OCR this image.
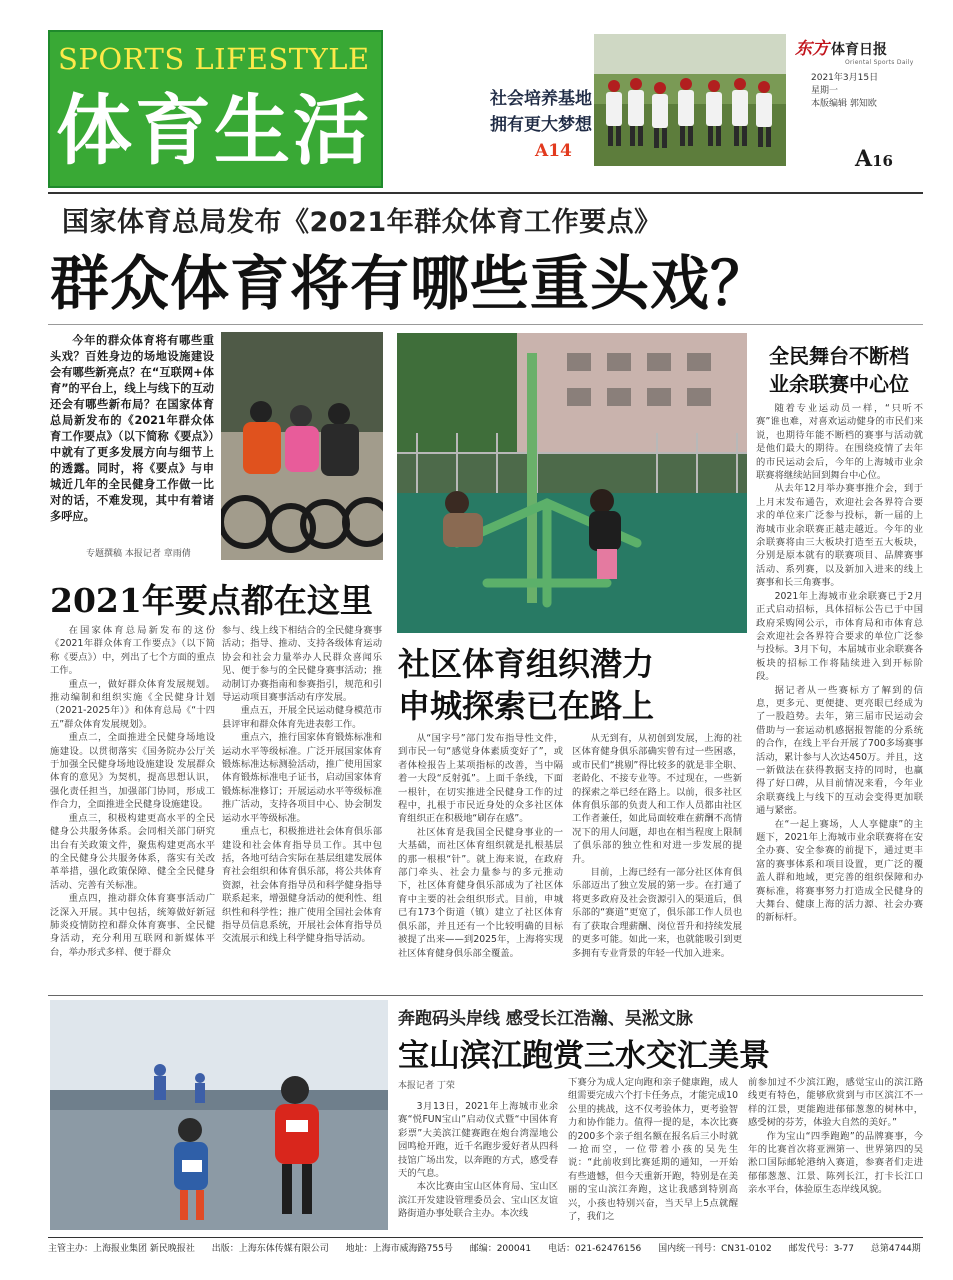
SPORTS LIFESTYLE
体育生活	社会培养基地
拥有更大梦想
A14
东方 体育日报
Oriental Sports Daily
2021年3月15日
星期一
本版编辑 郭知欧
A16
国家体育总局发布《2021年群众体育工作要点》
群众体育将有哪些重头戏？
今年的群众体育将有哪些重头戏？百姓身边的场地设施建设会有哪些新亮点？在“互联网+体育”的平台上，线上与线下的互动还会有哪些新布局？在国家体育总局新发布的《2021年群众体育工作要点》（以下简称《要点》）中就有了更多发展方向与细节上的透露。同时，将《要点》与申城近几年的全民健身工作做一比对的话，不难发现，其中有着诸多呼应。
专题撰稿 本报记者 章雨倩
2021年要点都在这里

在国家体育总局新发布的这份《2021年群众体育工作要点》（以下简称《要点》）中，列出了七个方面的重点工作。

重点一，做好群众体育发展规划。推动编制和组织实施《全民健身计划（2021-2025年）》和体育总局《“十四五”群众体育发展规划》。

重点二，全面推进全民健身场地设施建设。以贯彻落实《国务院办公厅关于加强全民健身场地设施建设 发展群众体育的意见》为契机，提高思想认识，强化责任担当，加强部门协同，形成工作合力，全面推进全民健身设施建设。

重点三，积极构建更高水平的全民健身公共服务体系。会同相关部门研究出台有关政策文件，聚焦构建更高水平的全民健身公共服务体系，落实有关改革举措，强化政策保障、健全全民健身活动、完善有关标准。

重点四，推动群众体育赛事活动广泛深入开展。其中包括，统筹做好新冠肺炎疫情防控和群众体育赛事、全民健身活动，充分利用互联网和新媒体平台，举办形式多样、便于群众

参与、线上线下相结合的全民健身赛事活动；指导、推动、支持各级体育运动协会和社会力量举办人民群众喜闻乐见、便于参与的全民健身赛事活动；推动制订办赛指南和参赛指引，规范和引导运动项目赛事活动有序发展。

重点五，开展全民运动健身模范市县评审和群众体育先进表彰工作。

重点六，推行国家体育锻炼标准和运动水平等级标准。广泛开展国家体育锻炼标准达标测验活动，推广使用国家体育锻炼标准电子证书，启动国家体育锻炼标准修订；开展运动水平等级标准推广活动，支持各项目中心、协会制发运动水平等级标准。

重点七，积极推进社会体育俱乐部建设和社会体育指导员工作。其中包括，各地可结合实际在基层组建发展体育社会组织和体育俱乐部，将公共体育资源，社会体育指导员和科学健身指导联系起来，增强健身活动的便利性、组织性和科学性；推广使用全国社会体育指导员信息系统，开展社会体育指导员交流展示和线上科学健身指导活动。

社区体育组织潜力
申城探索已在路上

从“国字号”部门发布指导性文件，到市民一句“感觉身体素质变好了”，或者体检报告上某项指标的改善，当中隔着一大段“反射弧”。上面千条线，下面一根针，在切实推进全民健身工作的过程中，扎根于市民近身处的众多社区体育组织正在积极地“刷存在感”。

社区体育是我国全民健身事业的一大基础，而社区体育组织就是扎根基层的那一根根“针”。就上海来说，在政府部门牵头、社会力量参与的多元推动下，社区体育健身俱乐部成为了社区体育中主要的社会组织形式。目前，申城已有173个街道（镇）建立了社区体育俱乐部，并且还有一个比较明确的目标被提了出来——到2025年，上海将实现社区体育健身俱乐部全覆盖。

从无到有，从初创到发展，上海的社区体育健身俱乐部确实曾有过一些困惑，或市民们“挑剔”得比较多的就是非全职、老龄化、不接专业等。不过现在，一些新的探索之举已经在路上。以前，很多社区体育俱乐部的负责人和工作人员都由社区工作者兼任，如此局面较难在薪酬不高情况下的用人问题，却也在相当程度上限制了俱乐部的独立性和对进一步发展的提升。

目前，上海已经有一部分社区体育俱乐部迈出了独立发展的第一步。在打通了将更多政府及社会资源引入的渠道后，俱乐部的“赛道”更宽了，俱乐部工作人员也有了获取合理薪酬、岗位晋升和持续发展的更多可能。如此一来，也就能吸引到更多拥有专业背景的年轻一代加入进来。

全民舞台不断档
业余联赛中心位

随着专业运动员一样，“只听不赛”谁也难，对喜欢运动健身的市民们来说，也期待年能不断档的赛事与活动就是他们最大的期待。在围绕疫情了去年的市民运动会后，今年的上海城市业余联赛将继续站回到舞台中心位。

从去年12月举办赛事推介会，到于上月末发布通告，欢迎社会各界符合要求的单位来广泛参与投标，新一届的上海城市业余联赛正越走越近。今年的业余联赛将由三大板块打造至五大板块，分别是原本就有的联赛项目、品牌赛事活动、系列赛，以及新加入进来的线上赛事和长三角赛事。

2021年上海城市业余联赛已于2月正式启动招标，具体招标公告已于中国政府采购网公示，市体育局和市体育总会欢迎社会各界符合要求的单位广泛参与投标。3月下旬，本届城市业余联赛各板块的招标工作将陆续进入到开标阶段。

据记者从一些赛标方了解到的信息，更多元、更便捷、更亮眼已经成为了一股趋势。去年，第三届市民运动会借助与一套运动机感据报智能的分系统的合作，在线上平台开展了700多场赛事活动，累计参与人次达450万。并且，这一新做法在获得教据支持的同时，也赢得了好口碑，从目前情况来看，今年业余联赛线上与线下的互动会变得更加联通与紧密。

在“一起上赛场，人人享健康”的主题下，2021年上海城市业余联赛将在安全办赛、安全参赛的前提下，通过更丰富的赛事体系和项目设置，更广泛的覆盖人群和地域，更完善的组织保障和办赛标准，将赛事努力打造成全民健身的大舞台、健康上海的活力源、社会办赛的新标杆。

奔跑码头岸线 感受长江浩瀚、吴淞文脉
宝山滨江跑赏三水交汇美景
本报记者 丁荣

3月13日，2021年上海城市业余赛“悦FUN宝山”启动仪式暨“中国体育彩票”大美滨江健赛跑在炮台湾湿地公园鸣枪开跑，近千名跑步爱好者从四科技馆广场出发，以奔跑的方式，感受春天的气息。

本次比赛由宝山区体育局、宝山区滨江开发建设管理委员会、宝山区友谊路街道办事处联合主办。本次线

下赛分为成人定向跑和亲子健康跑，成人组需要完成六个打卡任务点，才能完成10公里的挑战，这不仅考验体力，更考验智力和协作能力。值得一提的是，本次比赛的200多个亲子组名额在报名后三小时就一抢而空，一位带着小孩的吴先生说：“此前收到比赛延期的通知，一开始有些遗憾，但今天重新开跑，特别是在美丽的宝山滨江奔跑，这让我感到特别高兴，小孩也特别兴奋，当天早上5点就醒了，我们之

前参加过不少滨江跑，感觉宝山的滨江路线更有特色，能够欣赏到与市区滨江不一样的江景，更能跑进郁郁葱葱的树林中，感受树的芬芳，体验大自然的美好。”

作为宝山“四季跑跑”的品牌赛事，今年的比赛首次将亚洲第一、世界第四的吴淞口国际邮轮港纳入赛道，参赛者们走进郁郁葱葱、江景、陈列长江，打卡长江口亲水平台，体验原生态岸线风貌。

主管主办：上海报业集团 新民晚报社 出版：上海东体传媒有限公司 地址：上海市威海路755号 邮编：200041 电话：021-62476156 国内统一刊号：CN31-0102 邮发代号：3-77 总第4744期
